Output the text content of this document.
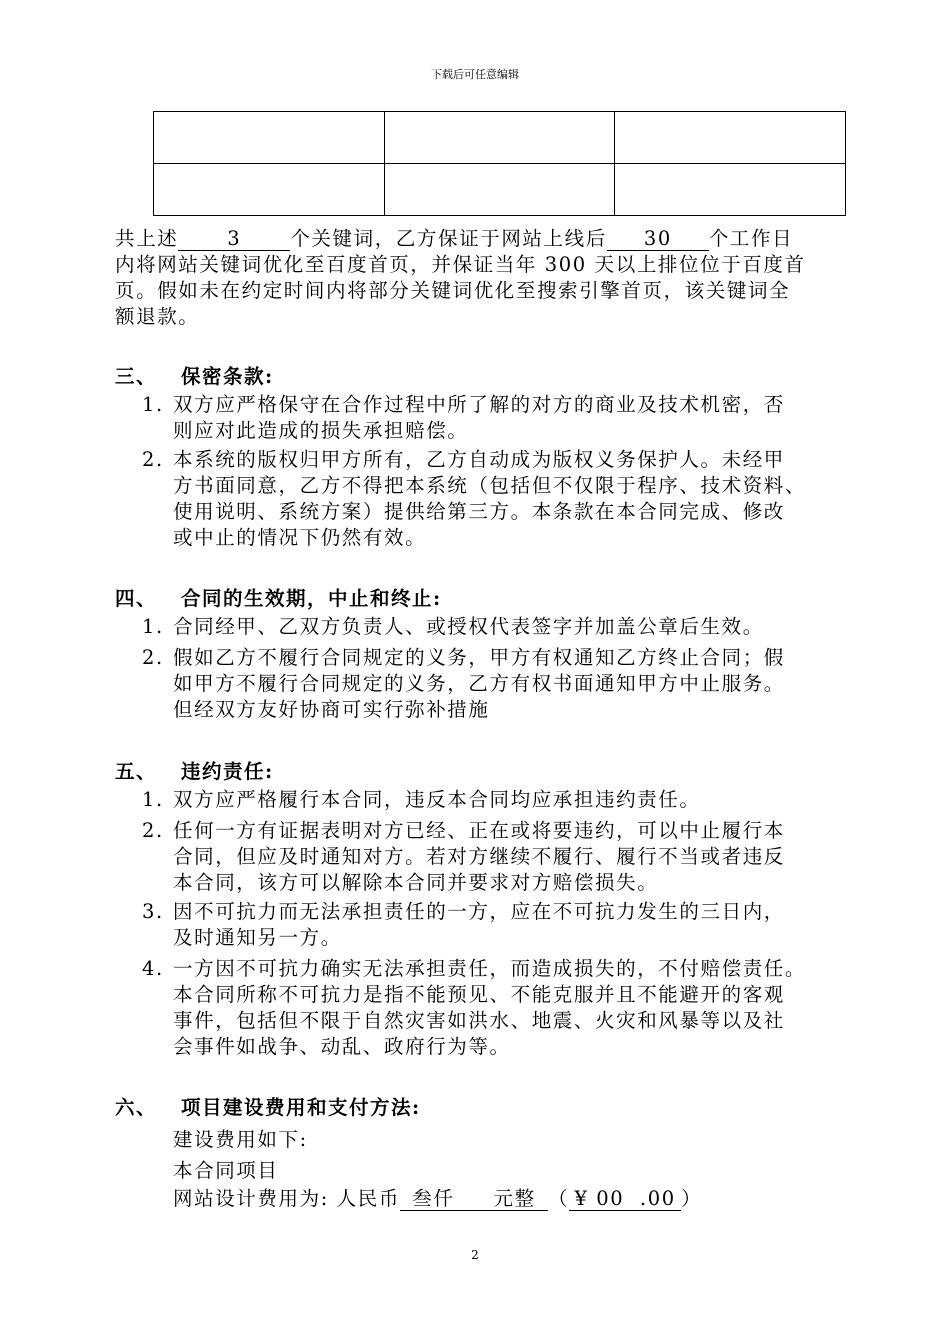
下载后可任意编辑

共上述	3	个关键词，乙方保证于网站上线后 30 个工作日
内将网站关键词优化至百度首页，并保证当年 300 天以上排位位于百度首
页。假如未在约定时间内将部分关键词优化至搜索引擎首页，该关键词全
额退款。
三、 保密条款:
1. 双方应严格保守在合作过程中所了解的对方的商业及技术机密，否
则应对此造成的损失承担赔偿。
2. 本系统的版权归甲方所有，乙方自动成为版权义务保护人。未经甲
方书面同意，乙方不得把本系统（包括但不仅限于程序、技术资料、
使用说明、系统方案）提供给第三方。本条款在本合同完成、修改
或中止的情况下仍然有效。
四、 合同的生效期，中止和终止:
1. 合同经甲、乙双方负责人、或授权代表签字并加盖公章后生效。
2. 假如乙方不履行合同规定的义务，甲方有权通知乙方终止合同；假
如甲方不履行合同规定的义务，乙方有权书面通知甲方中止服务。
但经双方友好协商可实行弥补措施
五、 违约责任:
1. 双方应严格履行本合同，违反本合同均应承担违约责任。
2. 任何一方有证据表明对方已经、正在或将要违约，可以中止履行本
合同，但应及时通知对方。若对方继续不履行、履行不当或者违反
本合同，该方可以解除本合同并要求对方赔偿损失。
3. 因不可抗力而无法承担责任的一方，应在不可抗力发生的三日内，
及时通知另一方。
4. 一方因不可抗力确实无法承担责任，而造成损失的，不付赔偿责任。
本合同所称不可抗力是指不能预见、不能克服并且不能避开的客观
事件，包括但不限于自然灾害如洪水、地震、火灾和风暴等以及社
会事件如战争、动乱、政府行为等。
六、 项目建设费用和支付方法:
建设费用如下:
本合同项目
网站设计费用为: 人民币 叁仟 元整 （ ¥ 00 .00 ）
2
